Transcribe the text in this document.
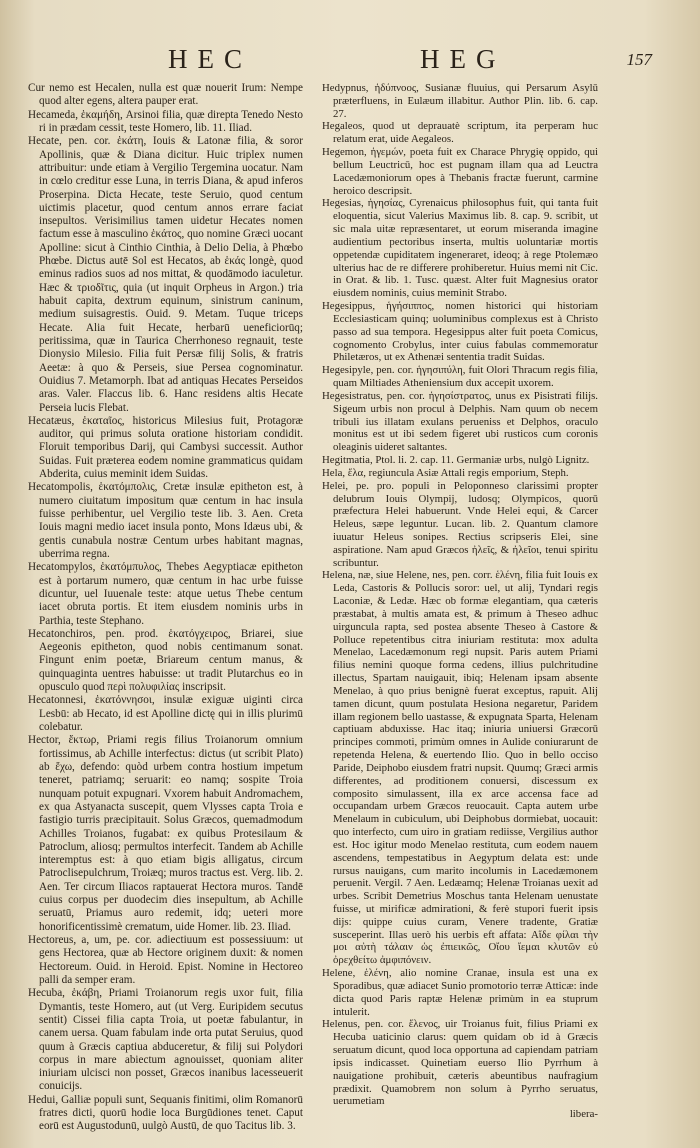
HEC	HEG	157

Cur nemo est Hecalen, nulla est quæ nouerit Irum: Nempe quod alter egens, altera pauper erat.

Hecameda, ἑκαμήδη, Arsinoi filia, quæ direpta Tenedo Nesto ri in prædam cessit, teste Homero, lib. 11. Iliad.

Hecate, pen. cor. ἑκάτη, Iouis & Latonæ filia, & soror Apollinis, quæ & Diana dicitur. Huic triplex numen attribuitur: unde etiam à Vergilio Tergemina uocatur. Nam in cœlo creditur esse Luna, in terris Diana, & apud inferos Proserpina. Dicta Hecate, teste Seruio, quod centum uictimis placetur, quod centum annos errare faciat insepultos. Verisimilius tamen uidetur Hecates nomen factum esse à masculino ἑκάτος, quo nomine Græci uocant Apolline: sicut à Cinthio Cinthia, à Delio Delia, à Phœbo Phœbe. Dictus autē Sol est Hecatos, ab ἑκάς longè, quod eminus radios suos ad nos mittat, & quodāmodo iaculetur. Hæc & τριοδῖτις, quia (ut inquit Orpheus in Argon.) tria habuit capita, dextrum equinum, sinistrum caninum, medium suisagrestis. Ouid. 9. Metam. Tuque triceps Hecate. Alia fuit Hecate, herbarū ueneficiorūq; peritissima, quæ in Taurica Cherrhoneso regnauit, teste Dionysio Milesio. Filia fuit Persæ filij Solis, & fratris Aeetæ: à quo & Perseis, siue Persea cognominatur. Ouidius 7. Metamorph. Ibat ad antiquas Hecates Perseidos aras. Valer. Flaccus lib. 6. Hanc residens altis Hecate Perseia lucis Flebat.

Hecatæus, ἑκαταῖος, historicus Milesius fuit, Protagoræ auditor, qui primus soluta oratione historiam condidit. Floruit temporibus Darij, qui Cambysi successit. Author Suidas. Fuit præterea eodem nomine grammaticus quidam Abderita, cuius meminit idem Suidas.

Hecatompolis, ἑκατόμπολις, Cretæ insulæ epitheton est, à numero ciuitatum impositum quæ centum in hac insula fuisse perhibentur, uel Vergilio teste lib. 3. Aen. Creta Iouis magni medio iacet insula ponto, Mons Idæus ubi, & gentis cunabula nostræ Centum urbes habitant magnas, uberrima regna.

Hecatompylos, ἑκατόμπυλος, Thebes Aegyptiacæ epitheton est à portarum numero, quæ centum in hac urbe fuisse dicuntur, uel Iuuenale teste: atque uetus Thebe centum iacet obruta portis. Et item eiusdem nominis urbs in Parthia, teste Stephano.

Hecatonchiros, pen. prod. ἑκατόγχειρος, Briarei, siue Aegeonis epitheton, quod nobis centimanum sonat. Fingunt enim poetæ, Briareum centum manus, & quinquaginta uentres habuisse: ut tradit Plutarchus eo in opusculo quod περὶ πολυφιλίας inscripsit.

Hecatonnesi, ἑκατόννησοι, insulæ exiguæ uiginti circa Lesbū: ab Hecato, id est Apolline dictę qui in illis plurimū colebatur.

Hector, ἕκτωρ, Priami regis filius Troianorum omnium fortissimus, ab Achille interfectus: dictus (ut scribit Plato) ab ἔχω, defendo: quòd urbem contra hostium impetum teneret, patriamq; seruarit: eo namq; sospite Troia nunquam potuit expugnari. Vxorem habuit Andromachem, ex qua Astyanacta suscepit, quem Vlysses capta Troia e fastigio turris præcipitauit. Solus Græcos, quemadmodum Achilles Troianos, fugabat: ex quibus Protesilaum & Patroclum, aliosq; permultos interfecit. Tandem ab Achille interemptus est: à quo etiam bigis alligatus, circum Patroclisepulchrum, Troiæq; muros tractus est. Verg. lib. 2. Aen. Ter circum Iliacos raptauerat Hectora muros. Tandē cuius corpus per duodecim dies insepultum, ab Achille seruatū, Priamus auro redemit, idq; ueteri more honorificentissimè crematum, uide Homer. lib. 23. Iliad.

Hectoreus, a, um, pe. cor. adiectiuum est possessiuum: ut gens Hectorea, quæ ab Hectore originem duxit: & nomen Hectoreum. Ouid. in Heroid. Epist. Nomine in Hectoreo palli da semper eram.

Hecuba, ἑκάβη, Priami Troianorum regis uxor fuit, filia Dymantis, teste Homero, aut (ut Verg. Euripidem secutus sentit) Cissei filia capta Troia, ut poetæ fabulantur, in canem uersa. Quam fabulam inde orta putat Seruius, quod quum à Græcis captiua abduceretur, & filij sui Polydori corpus in mare abiectum agnouisset, quoniam aliter iniuriam ulcisci non posset, Græcos inanibus lacesseuerit conuicijs.

Hedui, Galliæ populi sunt, Sequanis finitimi, olim Romanorū fratres dicti, quorū hodie loca Burgūdiones tenet. Caput eorū est Augustodunū, uulgò Austū, de quo Tacitus lib. 3.

Hedypnus, ἡδύπνοος, Susianæ fluuius, qui Persarum Asylū præterfluens, in Eulæum illabitur. Author Plin. lib. 6. cap. 27.

Hegaleos, quod ut deprauatè scriptum, ita perperam huc relatum erat, uide Aegaleos.

Hegemon, ἡγεμών, poeta fuit ex Charace Phrygię oppido, qui bellum Leuctricū, hoc est pugnam illam qua ad Leuctra Lacedæmoniorum opes à Thebanis fractæ fuerunt, carmine heroico descripsit.

Hegesias, ἡγησίας, Cyrenaicus philosophus fuit, qui tanta fuit eloquentia, sicut Valerius Maximus lib. 8. cap. 9. scribit, ut sic mala uitæ repræsentaret, ut eorum miseranda imagine audientium pectoribus inserta, multis uoluntariæ mortis oppetendæ cupiditatem ingeneraret, ideoq; à rege Ptolemæo ulterius hac de re differere prohiberetur. Huius memi nit Cic. in Orat. & lib. 1. Tusc. quæst. Alter fuit Magnesius orator eiusdem nominis, cuius meminit Strabo.

Hegesippus, ἡγήσιππος, nomen historici qui historiam Ecclesiasticam quinq; uoluminibus complexus est à Christo passo ad sua tempora. Hegesippus alter fuit poeta Comicus, cognomento Crobylus, inter cuius fabulas commemoratur Philetæros, ut ex Athenæi sententia tradit Suidas.

Hegesipyle, pen. cor. ἡγησιπύλη, fuit Olori Thracum regis filia, quam Miltiades Atheniensium dux accepit uxorem.

Hegesistratus, pen. cor. ἡγησίστρατος, unus ex Pisistrati filijs. Sigeum urbis non procul à Delphis. Nam quum ob necem tribuli ius illatam exulans perueniss et Delphos, oraculo monitus est ut ibi sedem figeret ubi rusticos cum coronis oleaginis uideret saltantes.

Hegitmatia, Ptol. li. 2. cap. 11. Germaniæ urbs, nulgò Lignitz.

Hela, ἕλα, regiuncula Asiæ Attali regis emporium, Steph.

Helei, pe. pro. populi in Peloponneso clarissimi propter delubrum Iouis Olympij, ludosq; Olympicos, quorū præfectura Helei habuerunt. Vnde Helei equi, & Carcer Heleus, sæpe leguntur. Lucan. lib. 2. Quantum clamore iuuatur Heleus sonipes. Rectius scripseris Elei, sine aspiratione. Nam apud Græcos ἠλεῖς, & ἠλεῖοι, tenui spiritu scribuntur.

Helena, næ, siue Helene, nes, pen. corr. ἑλένη, filia fuit Iouis ex Leda, Castoris & Pollucis soror: uel, ut alij, Tyndari regis Laconiæ, & Ledæ. Hæc ob formæ elegantiam, qua cæteris præstabat, à multis amata est, & primum à Theseo adhuc uirguncula rapta, sed postea absente Theseo à Castore & Polluce repetentibus citra iniuriam restituta: mox adulta Menelao, Lacedæmonum regi nupsit. Paris autem Priami filius nemini quoque forma cedens, illius pulchritudine illectus, Spartam nauigauit, ibiq; Helenam ipsam absente Menelao, à quo prius benignè fuerat exceptus, rapuit. Alij tamen dicunt, quum postulata Hesiona negaretur, Paridem illam regionem bello uastasse, & expugnata Sparta, Helenam captiuam abduxisse. Hac itaq; iniuria uniuersi Græcorū principes commoti, primùm omnes in Aulide coniurarunt de repetenda Helena, & euertendo Ilio. Quo in bello occiso Paride, Deiphobo eiusdem fratri nupsit. Quumq; Græci armis differentes, ad proditionem conuersi, discessum ex composito simulassent, illa ex arce accensa face ad occupandam urbem Græcos reuocauit. Capta autem urbe Menelaum in cubiculum, ubi Deiphobus dormiebat, uocauit: quo interfecto, cum uiro in gratiam rediisse, Vergilius author est. Hoc igitur modo Menelao restituta, cum eodem nauem ascendens, tempestatibus in Aegyptum delata est: unde rursus nauigans, cum marito incolumis in Lacedæmonem peruenit. Vergil. 7 Aen. Ledæamq; Helenæ Troianas uexit ad urbes. Scribit Demetrius Moschus tanta Helenam uenustate fuisse, ut mirificæ admirationi, & ferè stupori fuerit ipsis dijs: quippe cuius curam, Venere tradente, Gratiæ susceperint. Illas uerò his uerbis eft affata: Αἵδε φίλαι τὴν μοι αὐτὴ τάλαιν ὡς ἐπιεικῶς, Οἴου ἴεμαι κλυτῶν εὐ ὀρεχθείτω ἀμφιπόνειν.

Helene, ἑλένη, alio nomine Cranae, insula est una ex Sporadibus, quæ adiacet Sunio promotorio terræ Atticæ: inde dicta quod Paris raptæ Helenæ primùm in ea stuprum intulerit.

Helenus, pen. cor. ἕλενος, uir Troianus fuit, filius Priami ex Hecuba uaticinio clarus: quem quidam ob id à Græcis seruatum dicunt, quod loca opportuna ad capiendam patriam ipsis indicasset. Quinetiam euerso Ilio Pyrrhum à nauigatione prohibuit, cæteris abeuntibus naufragium prædixit. Quamobrem non solum à Pyrrho seruatus, uerumetiam

libera-
